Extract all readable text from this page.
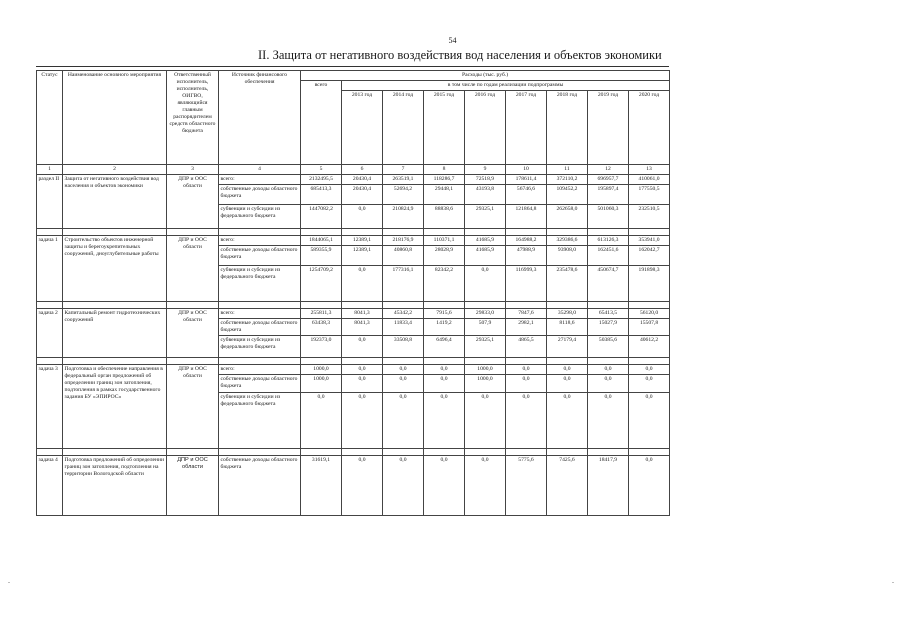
54
II. Защита от негативного воздействия вод населения и объектов экономики
Статус	Наименование основного мероприятия	Ответственный исполнитель, исполнитель, ОИГВО, являющийся главным распорядителем средств областного бюджета	Источник финансового обеспечения	Расходы (тыс. руб.)								
				всего	в том числе по годам реализации подпрограммы							
					2013 год	2014 год	2015 год	2016 год	2017 год	2018 год	2019 год	2020 год
1	2	3	4	5	6	7	8	9	10	11	12	13
раздел II	Защита от негативного воздействия вод населения и объектов экономики	ДПР и ООС области	всего:	2132495,5	20430,4	263519,1	118286,7	72518,9	178611,4	372110,2	696957,7	410061,0
			собственные доходы областного бюджета	685413,3	20430,4	52694,2	29448,1	43193,8	56746,6	109452,2	195897,4	177550,5
			субвенции и субсидии из федерального бюджета	1447082,2	0,0	210824,9	88838,6	29325,1	121864,8	262658,0	501060,3	232510,5

задача 1	Строительство объектов инженерной защиты и берегоукрепительных сооружений, дноуглубительные работы	ДПР и ООС области	всего:	1844065,1	12389,1	218176,9	110371,1	41685,9	164988,2	329386,6	613126,3	353941,0
			собственные доходы областного бюджета	589355,9	12389,1	40860,8	28028,9	41685,9	47988,9	93908,0	162451,6	162042,7
			субвенции и субсидии из федерального бюджета	1254709,2	0,0	177316,1	82342,2	0,0	116999,3	235478,6	450674,7	191898,3

задача 2	Капитальный ремонт гидротехнических сооружений	ДПР и ООС области	всего:	255811,3	8041,3	45342,2	7915,6	29833,0	7847,6	35298,0	65413,5	56120,0
			собственные доходы областного бюджета	63438,3	8041,3	11833,4	1419,2	507,9	2982,1	8118,6	15027,9	15507,8
			субвенции и субсидии из федерального бюджета	192373,0	0,0	33508,8	6496,4	29325,1	4865,5	27179,4	50385,6	40612,2

задача 3	Подготовка и обеспечение направления в федеральный орган предложений об определении границ зон затопления, подтопления в рамках государственного задания БУ «ЭПИРОС»	ДПР и ООС области	всего:	1000,0	0,0	0,0	0,0	1000,0	0,0	0,0	0,0	0,0
			собственные доходы областного бюджета	1000,0	0,0	0,0	0,0	1000,0	0,0	0,0	0,0	0,0
			субвенции и субсидии из федерального бюджета	0,0	0,0	0,0	0,0	0,0	0,0	0,0	0,0	0,0

задача 4	Подготовка предложений об определении границ зон затопления, подтопления на территории Вологодской области	ДПР и ООС области	собственные доходы областного бюджета	31619,1	0,0	0,0	0,0	0,0	5775,6	7425,6	18417,9	0,0
-	-
